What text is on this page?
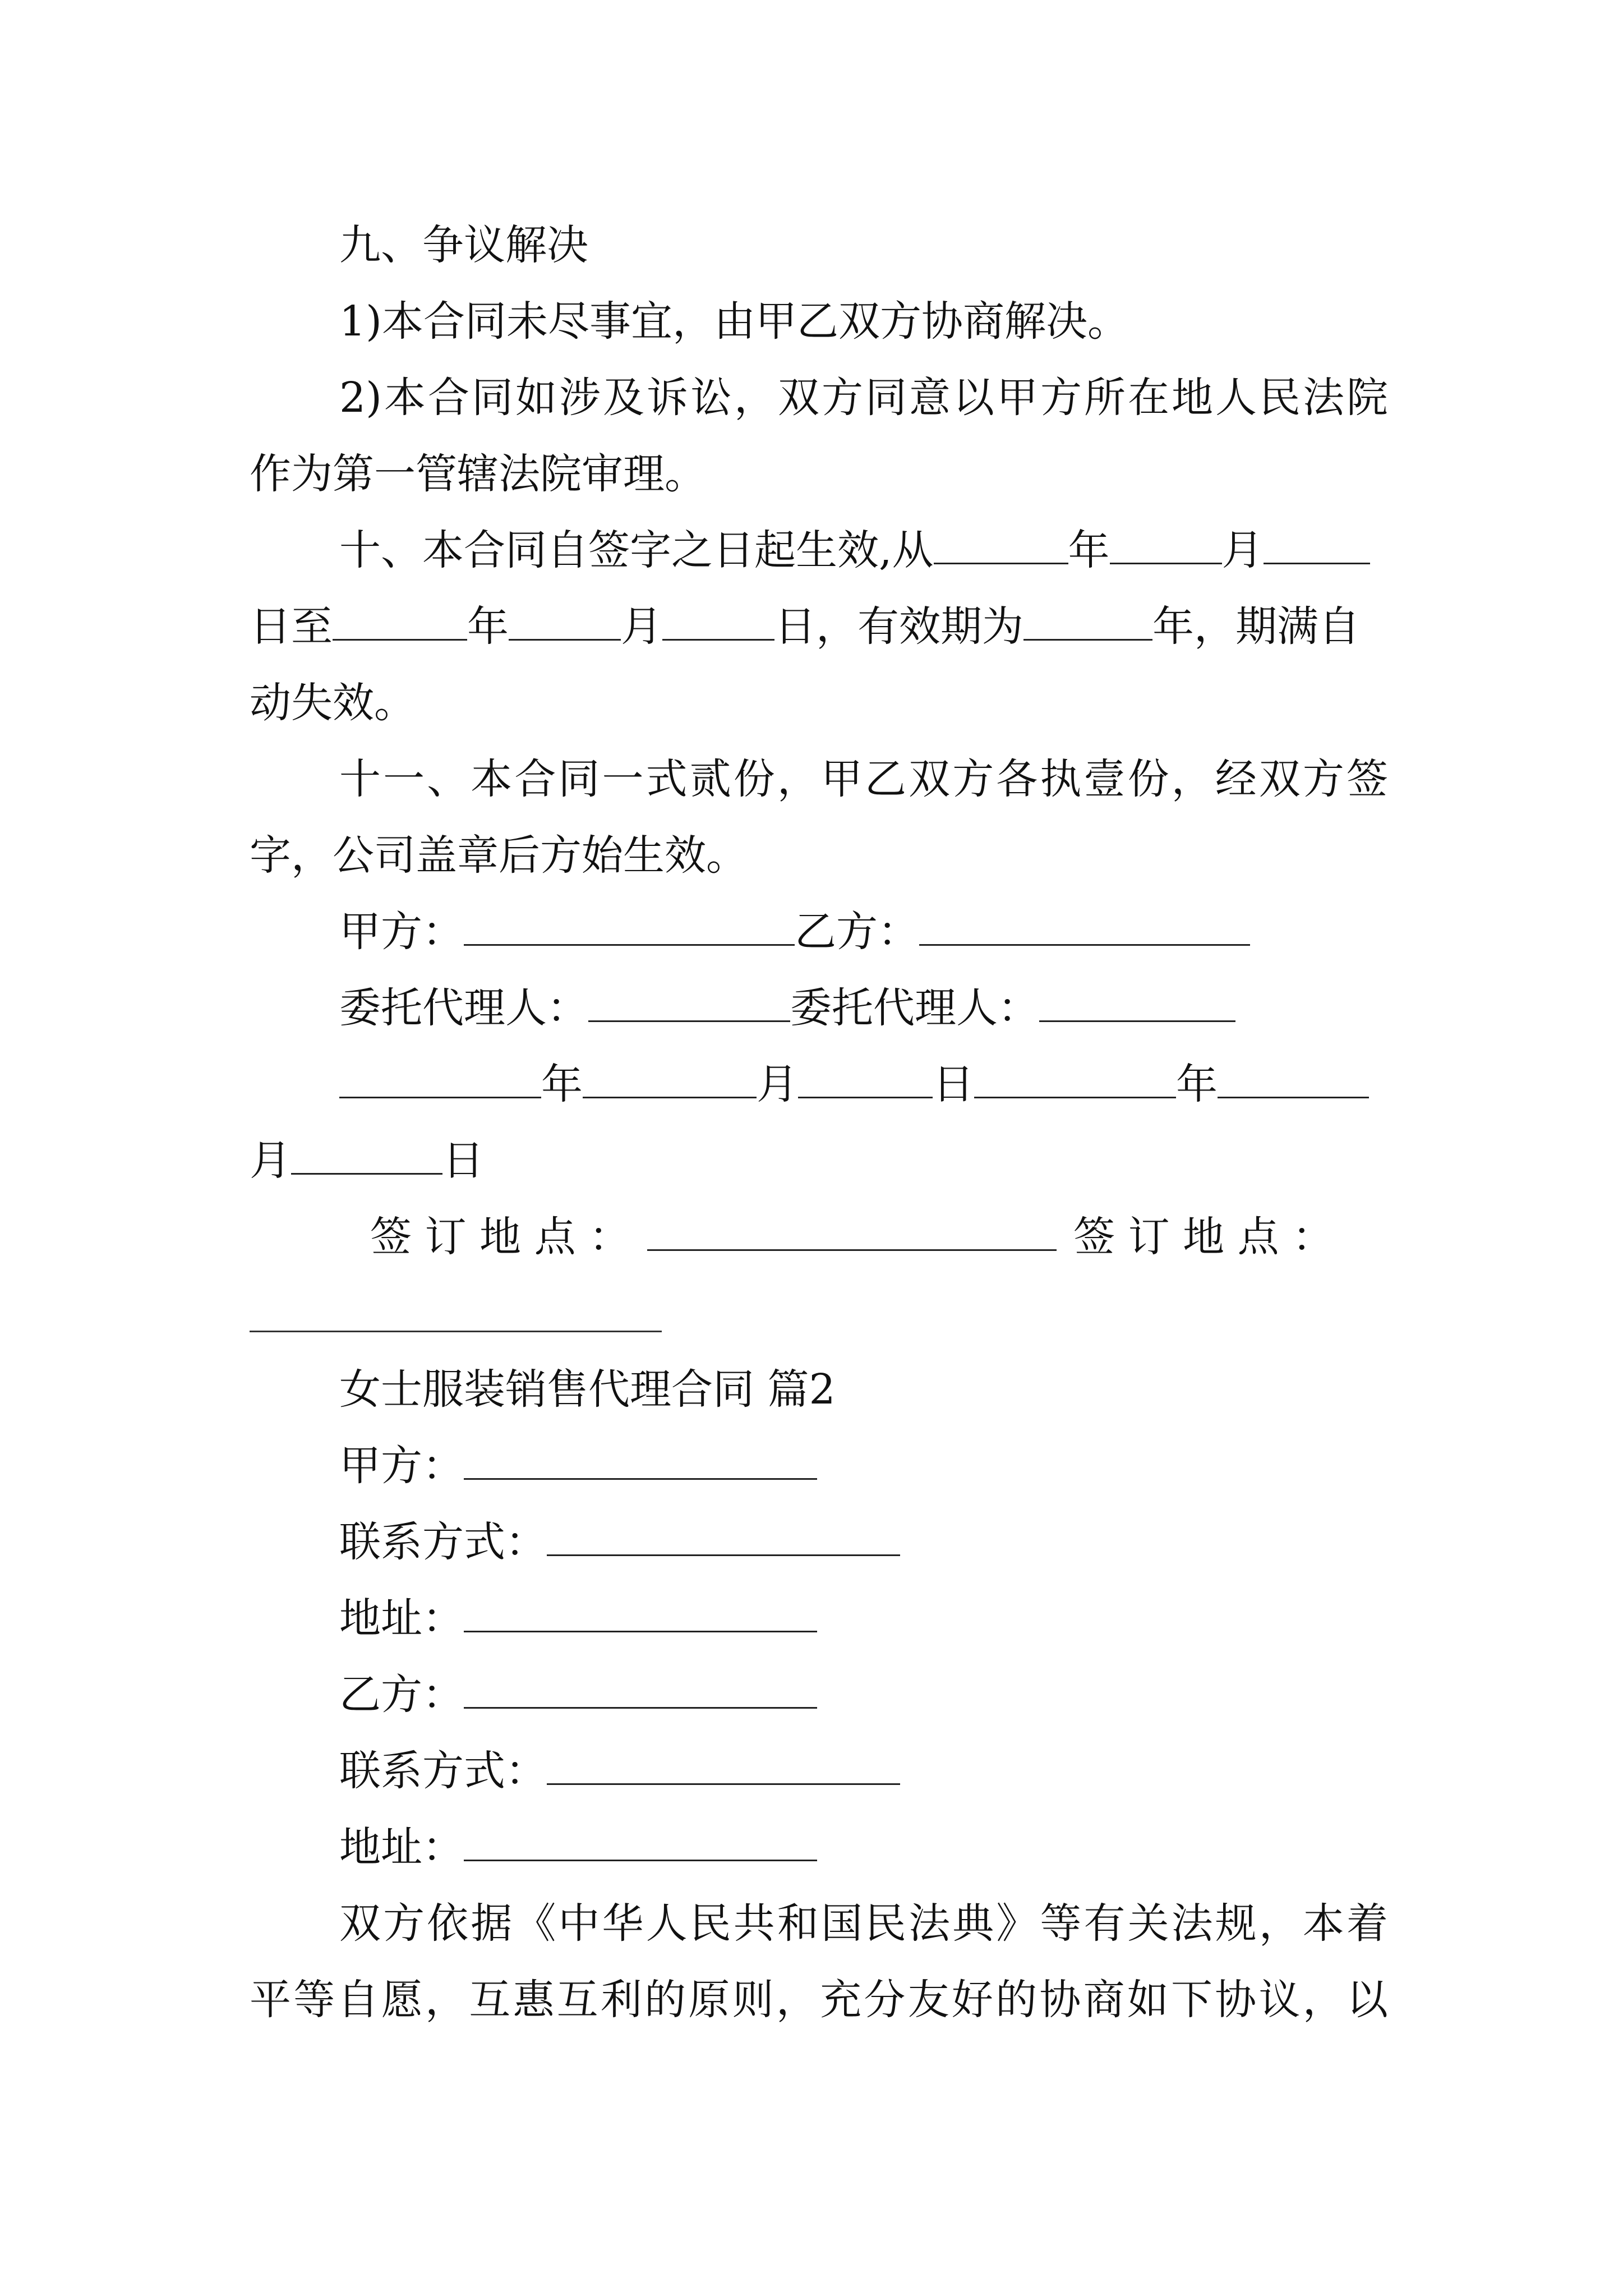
九、争议解决

1)本合同未尽事宜，由甲乙双方协商解决。

2)本合同如涉及诉讼，双方同意以甲方所在地人民法院

作为第一管辖法院审理。

十、本合同自签字之日起生效,从	年	月

日至	年	月	日，有效期为	年，期满自

动失效。

十一、本合同一式贰份，甲乙双方各执壹份，经双方签

字，公司盖章后方始生效。

甲方：	乙方：

委托代理人：	委托代理人：

年	月	日	年

月	日

签 订 地 点 ：	签 订 地 点 ：

女士服装销售代理合同 篇2

甲方：

联系方式：

地址：

乙方：

联系方式：

地址：

双方依据《中华人民共和国民法典》等有关法规，本着

平等自愿，互惠互利的原则，充分友好的协商如下协议，以
